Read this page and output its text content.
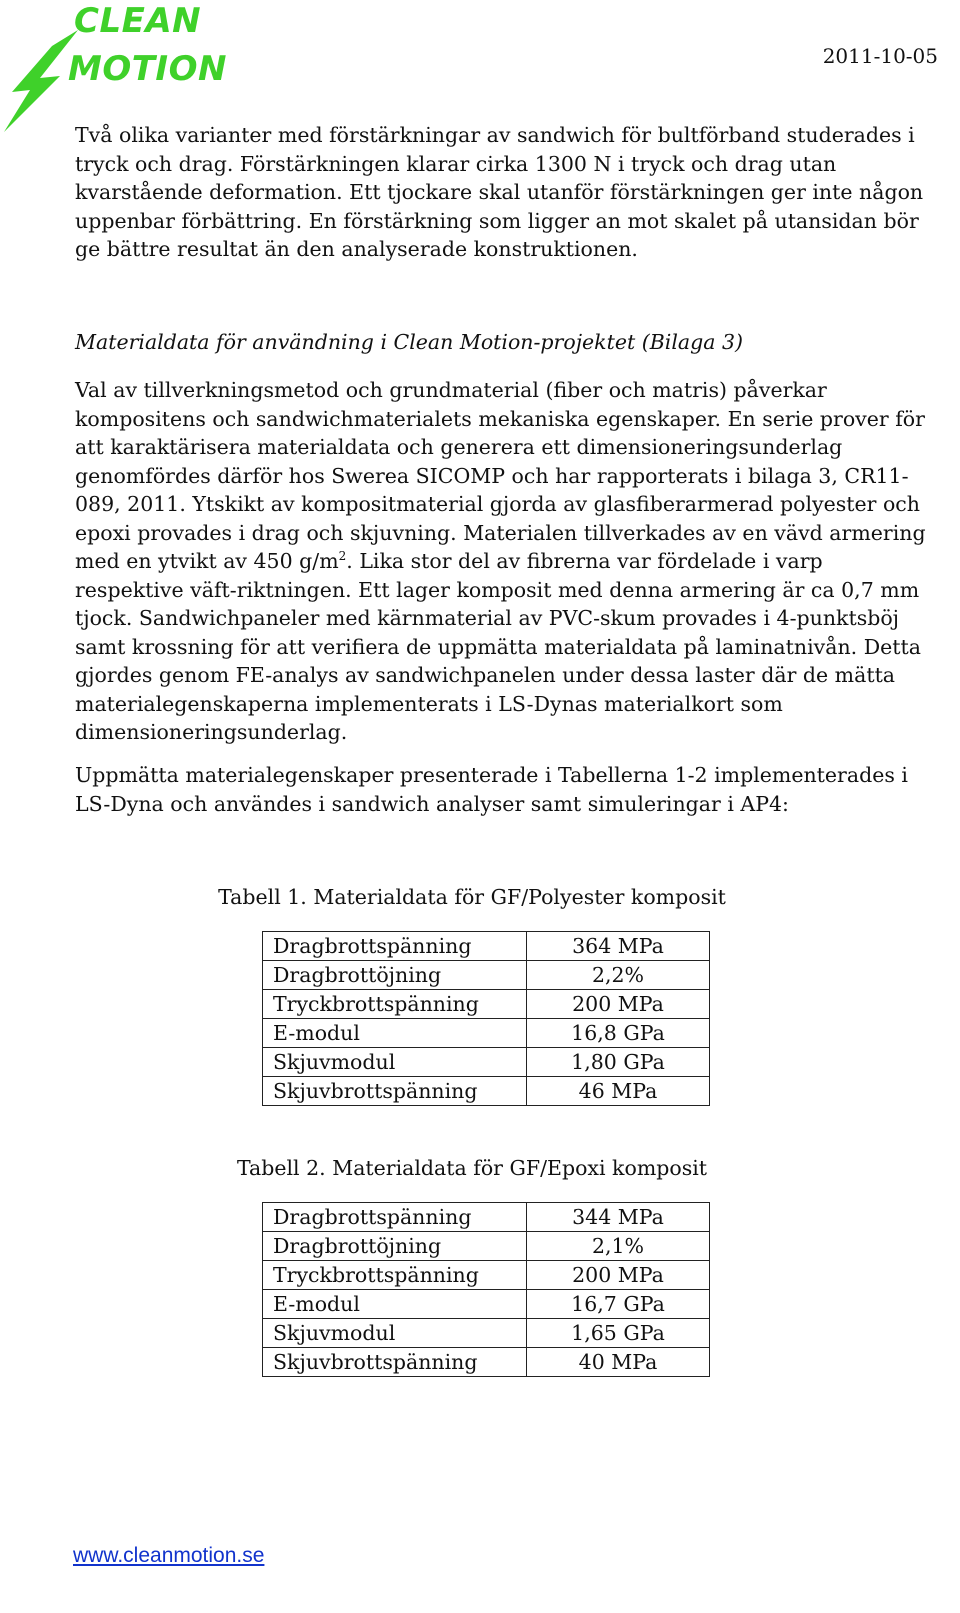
CLEAN
MOTION	2011-10-05

Två olika varianter med förstärkningar av sandwich för bultförband studerades i tryck och drag. Förstärkningen klarar cirka 1300 N i tryck och drag utan kvarstående deformation. Ett tjockare skal utanför förstärkningen ger inte någon uppenbar förbättring. En förstärkning som ligger an mot skalet på utansidan bör ge bättre resultat än den analyserade konstruktionen.

Materialdata för användning i Clean Motion-projektet (Bilaga 3)

Val av tillverkningsmetod och grundmaterial (fiber och matris) påverkar kompositens och sandwichmaterialets mekaniska egenskaper. En serie prover för att karaktärisera materialdata och generera ett dimensioneringsunderlag genomfördes därför hos Swerea SICOMP och har rapporterats i bilaga 3, CR11-089, 2011. Ytskikt av kompositmaterial gjorda av glasfiberarmerad polyester och epoxi provades i drag och skjuvning. Materialen tillverkades av en vävd armering med en ytvikt av 450 $g/m^2$. Lika stor del av fibrerna var fördelade i varp respektive väft-riktningen. Ett lager komposit med denna armering är ca 0,7 mm tjock. Sandwichpaneler med kärnmaterial av PVC-skum provades i 4-punktsböj samt krossning för att verifiera de uppmätta materialdata på laminatnivån. Detta gjordes genom FE-analys av sandwichpanelen under dessa laster där de mätta materialegenskaperna implementerats i LS-Dynas materialkort som dimensioneringsunderlag.

Uppmätta materialegenskaper presenterade i Tabellerna 1-2 implementerades i LS-Dyna och användes i sandwich analyser samt simuleringar i AP4:

Tabell 1. Materialdata för GF/Polyester komposit

Dragbrottspänning	364 MPa
Dragbrottöjning	2,2%
Tryckbrottspänning	200 MPa
E-modul	16,8 GPa
Skjuvmodul	1,80 GPa
Skjuvbrottspänning	46 MPa

Tabell 2. Materialdata för GF/Epoxi komposit

Dragbrottspänning	344 MPa
Dragbrottöjning	2,1%
Tryckbrottspänning	200 MPa
E-modul	16,7 GPa
Skjuvmodul	1,65 GPa
Skjuvbrottspänning	40 MPa
www.cleanmotion.se
